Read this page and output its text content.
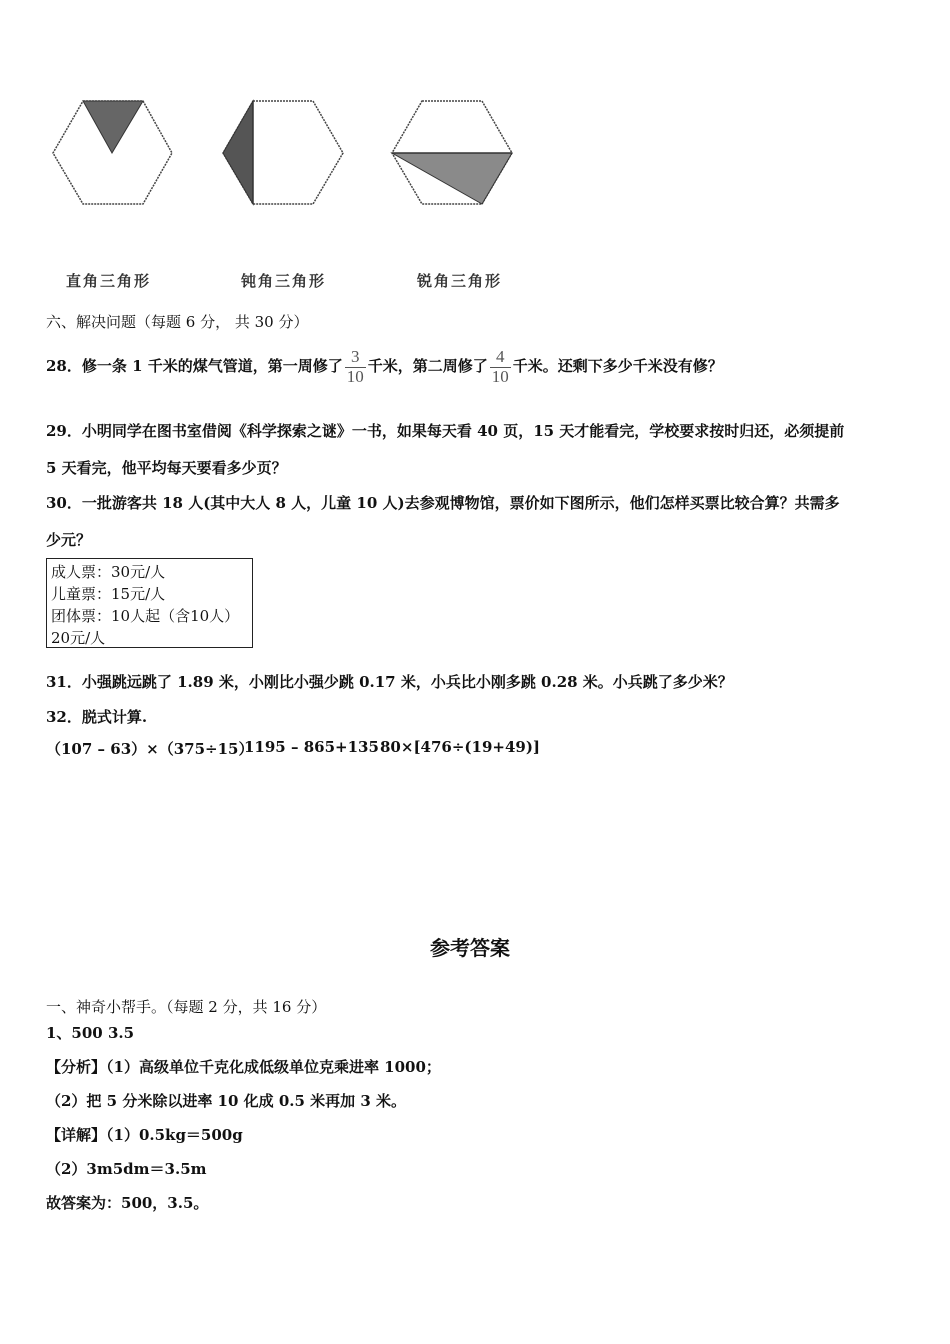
直角三角形	钝角三角形	锐角三角形
六、解决问题（每题 6 分， 共 30 分）
28．修一条 1 千米的煤气管道，第一周修了 $\frac{3}{10}$ 千米，第二周修了 $\frac{4}{10}$ 千米。还剩下多少千米没有修？
29．小明同学在图书室借阅《科学探索之谜》一书，如果每天看 40 页，15 天才能看完，学校要求按时归还，必须提前
5 天看完，他平均每天要看多少页？
30．一批游客共 18 人(其中大人 8 人，儿童 10 人)去参观博物馆，票价如下图所示，他们怎样买票比较合算？共需多
少元？
成人票：30元/人
儿童票：15元/人
团体票：10人起（含10人）
20元/人
31．小强跳远跳了 1.89 米，小刚比小强少跳 0.17 米，小兵比小刚多跳 0.28 米。小兵跳了多少米？
32．脱式计算.
（107 – 63）×（375÷15）
1195 – 865+135 80×[476÷(19+49)]
参考答案
一、神奇小帮手。（每题 2 分，共 16 分）
1、500 3.5
【分析】（1）高级单位千克化成低级单位克乘进率 1000；
（2）把 5 分米除以进率 10 化成 0.5 米再加 3 米。
【详解】（1）0.5kg＝500g
（2）3m5dm＝3.5m
故答案为：500，3.5。
